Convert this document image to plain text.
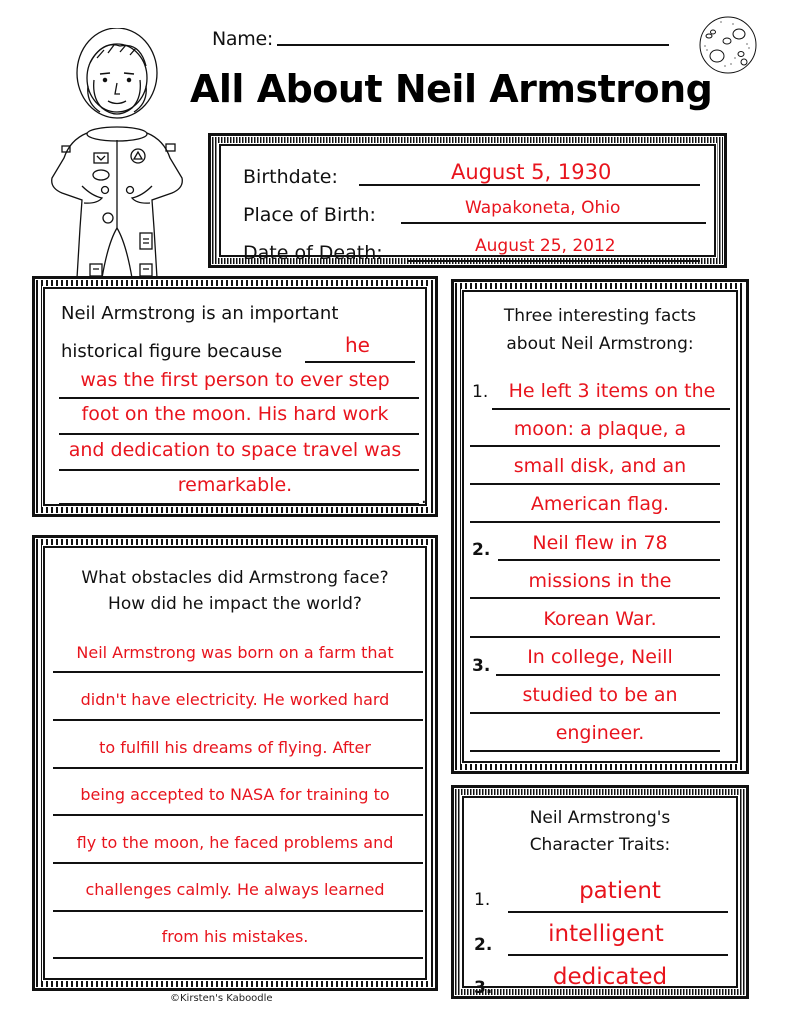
Name:
All About Neil Armstrong
Birthdate:	August 5, 1930
Place of Birth:	Wapakoneta, Ohio
Date of Death:	August 25, 2012
Neil Armstrong is an important
historical figure because	he
was the first person to ever step
foot on the moon. His hard work
and dedication to space travel was
remarkable.
.
What obstacles did Armstrong face?
How did he impact the world?
Neil Armstrong was born on a farm that
didn't have electricity. He worked hard
to fulfill his dreams of flying. After
being accepted to NASA for training to
fly to the moon, he faced problems and
challenges calmly. He always learned
from his mistakes.
Three interesting facts
about Neil Armstrong:
1.	He left 3 items on the
moon: a plaque, a
small disk, and an
American flag.
2.	Neil flew in 78
missions in the
Korean War.
3.	In college, Neill
studied to be an
engineer.
Neil Armstrong's
Character Traits:
1.	patient
2.	intelligent
3.	dedicated
©Kirsten's Kaboodle
